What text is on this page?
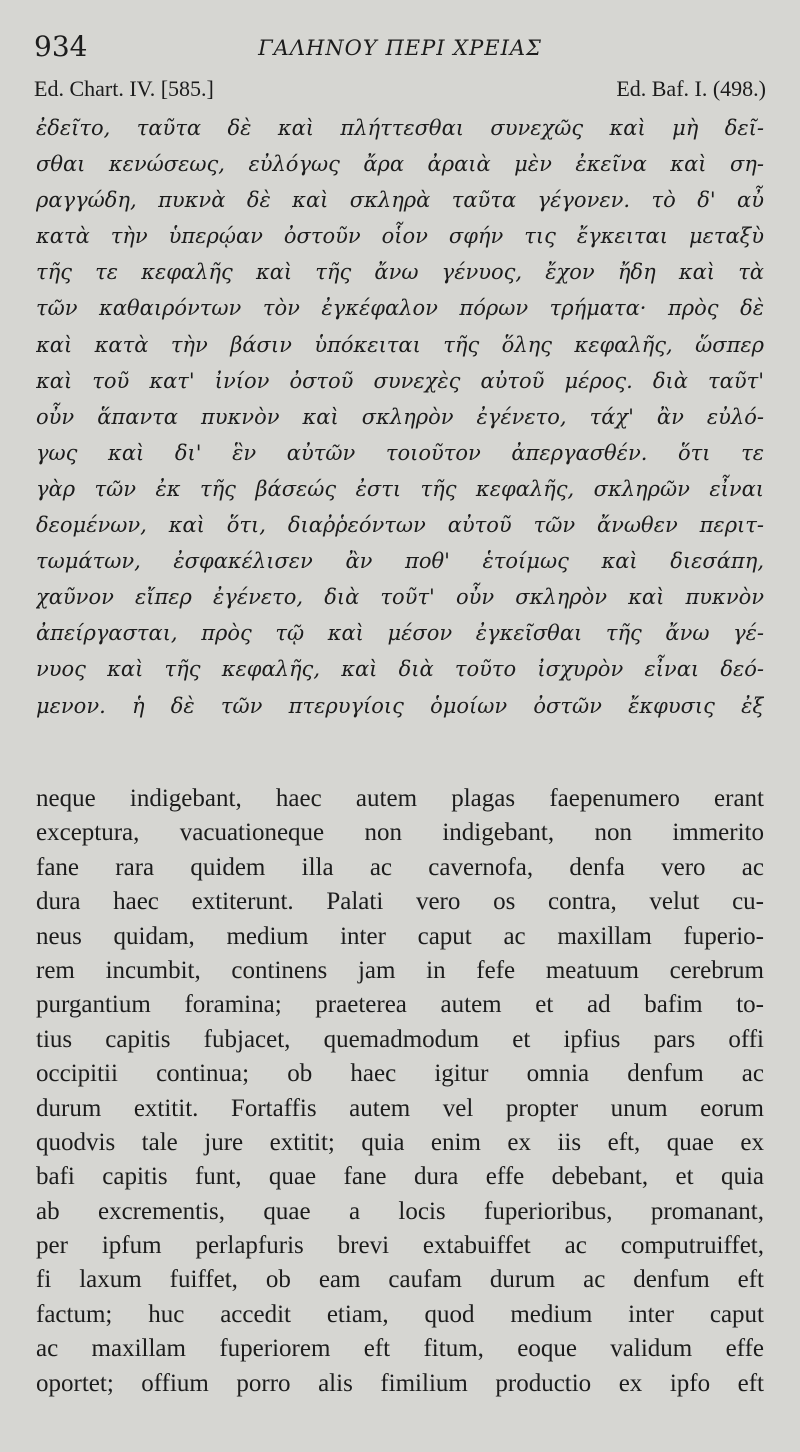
934	ΓΑΛΗΝΟΥ ΠΕΡΙ ΧΡΕΙΑΣ
Ed. Chart. IV. [585.]	Ed. Baf. I. (498.)
ἐδεῖτο, ταῦτα δὲ καὶ πλήττεσθαι συνεχῶς καὶ μὴ δεῖ-
σθαι κενώσεως, εὐλόγως ἄρα ἀραιὰ μὲν ἐκεῖνα καὶ ση-
ραγγώδη, πυκνὰ δὲ καὶ σκληρὰ ταῦτα γέγονεν. τὸ δ' αὖ
κατὰ τὴν ὑπερῴαν ὀστοῦν οἷον σφήν τις ἔγκειται μεταξὺ
τῆς τε κεφαλῆς καὶ τῆς ἄνω γένυος, ἔχον ἤδη καὶ τὰ
τῶν καθαιρόντων τὸν ἐγκέφαλον πόρων τρήματα· πρὸς δὲ
καὶ κατὰ τὴν βάσιν ὑπόκειται τῆς ὅλης κεφαλῆς, ὥσπερ
καὶ τοῦ κατ' ἰνίον ὀστοῦ συνεχὲς αὐτοῦ μέρος. διὰ ταῦτ'
οὖν ἅπαντα πυκνὸν καὶ σκληρὸν ἐγένετο, τάχ' ἂν εὐλό-
γως καὶ δι' ἓν αὐτῶν τοιοῦτον ἀπεργασθέν. ὅτι τε
γὰρ τῶν ἐκ τῆς βάσεώς ἐστι τῆς κεφαλῆς, σκληρῶν εἶναι
δεομένων, καὶ ὅτι, διαῤῥεόντων αὐτοῦ τῶν ἄνωθεν περιτ-
τωμάτων, ἐσφακέλισεν ἂν ποθ' ἑτοίμως καὶ διεσάπη,
χαῦνον εἴπερ ἐγένετο, διὰ τοῦτ' οὖν σκληρὸν καὶ πυκνὸν
ἀπείργασται, πρὸς τῷ καὶ μέσον ἐγκεῖσθαι τῆς ἄνω γέ-
νυος καὶ τῆς κεφαλῆς, καὶ διὰ τοῦτο ἰσχυρὸν εἶναι δεό-
μενον. ἡ δὲ τῶν πτερυγίοις ὁμοίων ὀστῶν ἔκφυσις ἐξ
neque indigebant, haec autem plagas faepenumero erant
exceptura, vacuationeque non indigebant, non immerito
fane rara quidem illa ac cavernofa, denfa vero ac
dura haec extiterunt. Palati vero os contra, velut cu-
neus quidam, medium inter caput ac maxillam fuperio-
rem incumbit, continens jam in fefe meatuum cerebrum
purgantium foramina; praeterea autem et ad bafim to-
tius capitis fubjacet, quemadmodum et ipfius pars offi
occipitii continua; ob haec igitur omnia denfum ac
durum extitit. Fortaffis autem vel propter unum eorum
quodvis tale jure extitit; quia enim ex iis eft, quae ex
bafi capitis funt, quae fane dura effe debebant, et quia
ab excrementis, quae a locis fuperioribus, promanant,
per ipfum perlapfuris brevi extabuiffet ac computruiffet,
fi laxum fuiffet, ob eam caufam durum ac denfum eft
factum; huc accedit etiam, quod medium inter caput
ac maxillam fuperiorem eft fitum, eoque validum effe
oportet; offium porro alis fimilium productio ex ipfo eft
